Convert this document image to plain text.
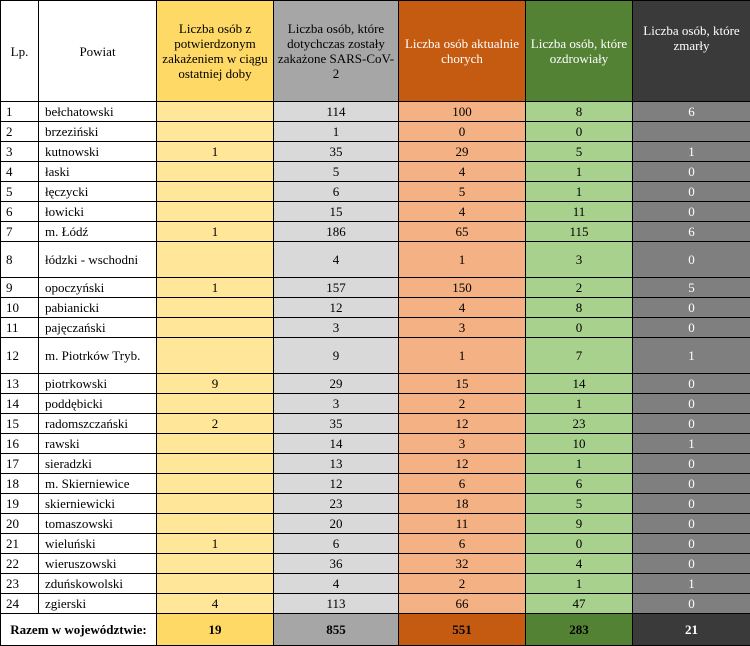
Lp.	Powiat	Liczba osób z potwierdzonym zakażeniem w ciągu ostatniej doby	Liczba osób, które dotychczas zostały zakażone SARS-CoV-2	Liczba osób aktualnie chorych	Liczba osób, które ozdrowiały	Liczba osób, które zmarły
1	bełchatowski		114	100	8	6
2	brzeziński		1	0	0	
3	kutnowski	1	35	29	5	1
4	łaski		5	4	1	0
5	łęczycki		6	5	1	0
6	łowicki		15	4	11	0
7	m. Łódź	1	186	65	115	6
8	łódzki - wschodni		4	1	3	0
9	opoczyński	1	157	150	2	5
10	pabianicki		12	4	8	0
11	pajęczański		3	3	0	0
12	m. Piotrków Tryb.		9	1	7	1
13	piotrkowski	9	29	15	14	0
14	poddębicki		3	2	1	0
15	radomszczański	2	35	12	23	0
16	rawski		14	3	10	1
17	sieradzki		13	12	1	0
18	m. Skierniewice		12	6	6	0
19	skierniewicki		23	18	5	0
20	tomaszowski		20	11	9	0
21	wieluński	1	6	6	0	0
22	wieruszowski		36	32	4	0
23	zduńskowolski		4	2	1	1
24	zgierski	4	113	66	47	0
Razem w województwie:		19	855	551	283	21
